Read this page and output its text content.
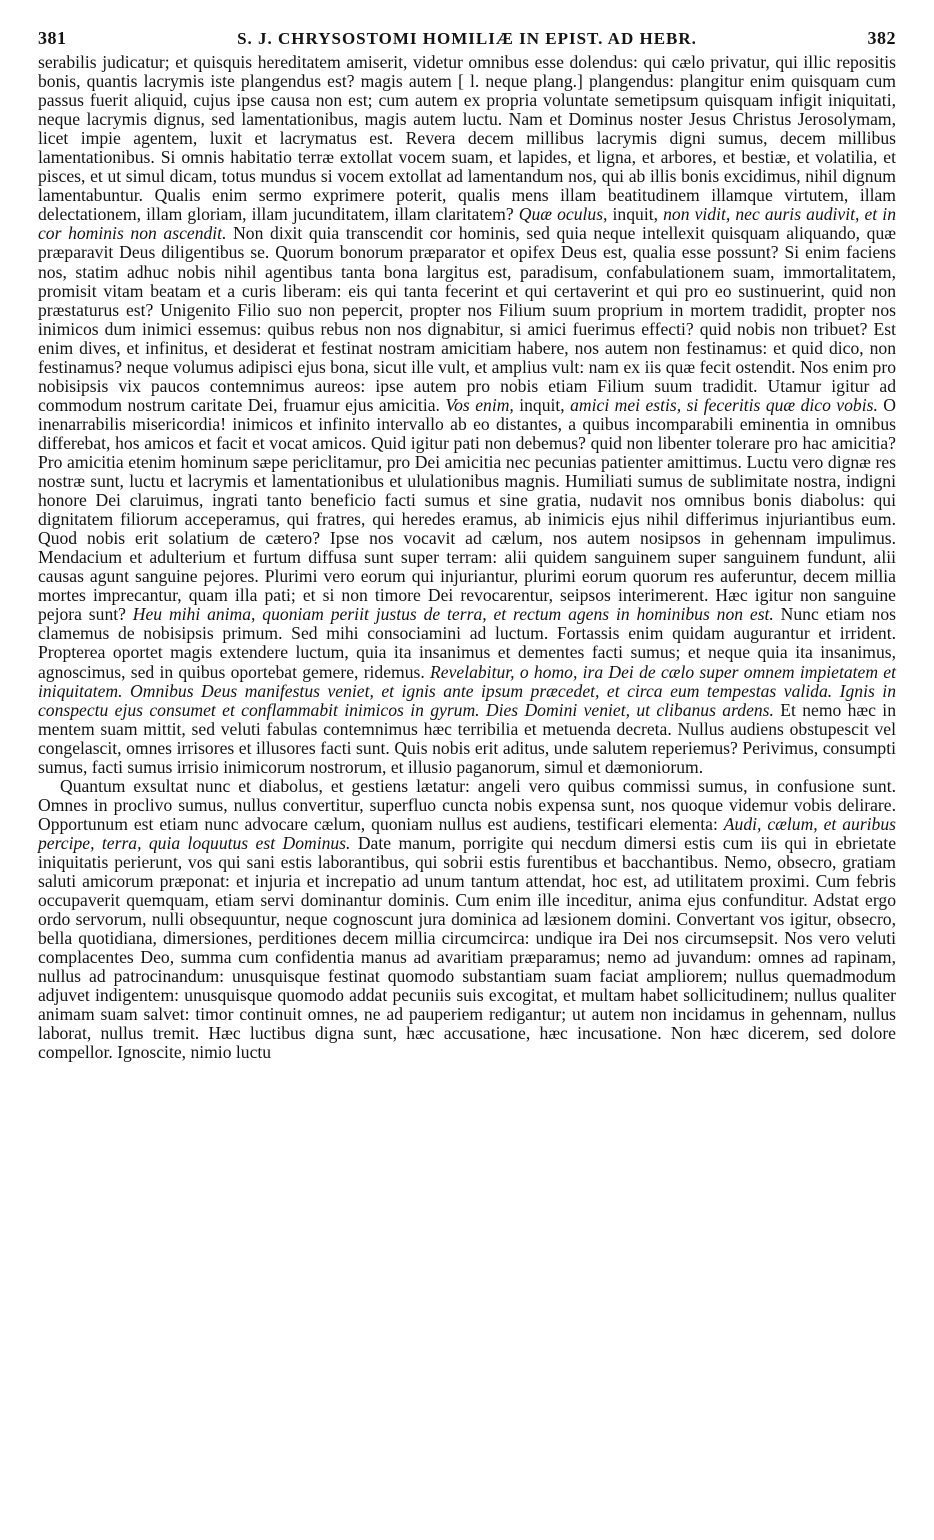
381	S. J. CHRYSOSTOMI HOMILIÆ IN EPIST. AD HEBR.	382

serabilis judicatur; et quisquis hereditatem amiserit, videtur omnibus esse dolendus: qui cælo privatur, qui illic repositis bonis, quantis lacrymis iste plangendus est? magis autem [ l. neque plang.] plangendus: plangitur enim quisquam cum passus fuerit aliquid, cujus ipse causa non est; cum autem ex propria voluntate semetipsum quisquam infigit iniquitati, neque lacrymis dignus, sed lamentationibus, magis autem luctu. Nam et Dominus noster Jesus Christus Jerosolymam, licet impie agentem, luxit et lacrymatus est. Revera decem millibus lacrymis digni sumus, decem millibus lamentationibus. Si omnis habitatio terræ extollat vocem suam, et lapides, et ligna, et arbores, et bestiæ, et volatilia, et pisces, et ut simul dicam, totus mundus si vocem extollat ad lamentandum nos, qui ab illis bonis excidimus, nihil dignum lamentabuntur. Qualis enim sermo exprimere poterit, qualis mens illam beatitudinem illamque virtutem, illam delectationem, illam gloriam, illam jucunditatem, illam claritatem? Quæ oculus, inquit, non vidit, nec auris audivit, et in cor hominis non ascendit. Non dixit quia transcendit cor hominis, sed quia neque intellexit quisquam aliquando, quæ præparavit Deus diligentibus se. Quorum bonorum præparator et opifex Deus est, qualia esse possunt? Si enim faciens nos, statim adhuc nobis nihil agentibus tanta bona largitus est, paradisum, confabulationem suam, immortalitatem, promisit vitam beatam et a curis liberam: eis qui tanta fecerint et qui certaverint et qui pro eo sustinuerint, quid non præstaturus est? Unigenito Filio suo non pepercit, propter nos Filium suum proprium in mortem tradidit, propter nos inimicos dum inimici essemus: quibus rebus non nos dignabitur, si amici fuerimus effecti? quid nobis non tribuet? Est enim dives, et infinitus, et desiderat et festinat nostram amicitiam habere, nos autem non festinamus: et quid dico, non festinamus? neque volumus adipisci ejus bona, sicut ille vult, et amplius vult: nam ex iis quæ fecit ostendit. Nos enim pro nobisipsis vix paucos contemnimus aureos: ipse autem pro nobis etiam Filium suum tradidit. Utamur igitur ad commodum nostrum caritate Dei, fruamur ejus amicitia. Vos enim, inquit, amici mei estis, si feceritis quæ dico vobis. O inenarrabilis misericordia! inimicos et infinito intervallo ab eo distantes, a quibus incomparabili eminentia in omnibus differebat, hos amicos et facit et vocat amicos. Quid igitur pati non debemus? quid non libenter tolerare pro hac amicitia? Pro amicitia etenim hominum sæpe periclitamur, pro Dei amicitia nec pecunias patienter amittimus. Luctu vero dignæ res nostræ sunt, luctu et lacrymis et lamentationibus et ululationibus magnis. Humiliati sumus de sublimitate nostra, indigni honore Dei claruimus, ingrati tanto beneficio facti sumus et sine gratia, nudavit nos omnibus bonis diabolus: qui dignitatem filiorum acceperamus, qui fratres, qui heredes eramus, ab inimicis ejus nihil differimus injuriantibus eum. Quod nobis erit solatium de cætero? Ipse nos vocavit ad cælum, nos autem nosipsos in gehennam impulimus. Mendacium et adulterium et furtum diffusa sunt super terram: alii quidem sanguinem super sanguinem fundunt, alii causas agunt sanguine pejores. Plurimi vero eorum qui injuriantur, plurimi eorum quorum res auferuntur, decem millia mortes imprecantur, quam illa pati; et si non timore Dei revocarentur, seipsos interimerent. Hæc igitur non sanguine pejora sunt? Heu mihi anima, quoniam periit justus de terra, et rectum agens in hominibus non est. Nunc etiam nos clamemus de nobisipsis primum. Sed mihi consociamini ad luctum. Fortassis enim quidam augurantur et irrident. Propterea oportet magis extendere luctum, quia ita insanimus et dementes facti sumus; et neque quia ita insanimus, agnoscimus, sed in quibus oportebat gemere, ridemus. Revelabitur, o homo, ira Dei de cælo super omnem impietatem et iniquitatem. Omnibus Deus manifestus veniet, et ignis ante ipsum præcedet, et circa eum tempestas valida. Ignis in conspectu ejus consumet et conflammabit inimicos in gyrum. Dies Domini veniet, ut clibanus ardens. Et nemo hæc in mentem suam mittit, sed veluti fabulas contemnimus hæc terribilia et metuenda decreta. Nullus audiens obstupescit vel congelascit, omnes irrisores et illusores facti sunt. Quis nobis erit aditus, unde salutem reperiemus? Perivimus, consumpti sumus, facti sumus irrisio inimicorum nostrorum, et illusio paganorum, simul et dæmoniorum.

Quantum exsultat nunc et diabolus, et gestiens lætatur: angeli vero quibus commissi sumus, in confusione sunt. Omnes in proclivo sumus, nullus convertitur, superfluo cuncta nobis expensa sunt, nos quoque videmur vobis delirare. Opportunum est etiam nunc advocare cælum, quoniam nullus est audiens, testificari elementa: Audi, cælum, et auribus percipe, terra, quia loquutus est Dominus. Date manum, porrigite qui necdum dimersi estis cum iis qui in ebrietate iniquitatis perierunt, vos qui sani estis laborantibus, qui sobrii estis furentibus et bacchantibus. Nemo, obsecro, gratiam saluti amicorum præponat: et injuria et increpatio ad unum tantum attendat, hoc est, ad utilitatem proximi. Cum febris occupaverit quemquam, etiam servi dominantur dominis. Cum enim ille inceditur, anima ejus confunditur. Adstat ergo ordo servorum, nulli obsequuntur, neque cognoscunt jura dominica ad læsionem domini. Convertant vos igitur, obsecro, bella quotidiana, dimersiones, perditiones decem millia circumcirca: undique ira Dei nos circumsepsit. Nos vero veluti complacentes Deo, summa cum confidentia manus ad avaritiam præparamus; nemo ad juvandum: omnes ad rapinam, nullus ad patrocinandum: unusquisque festinat quomodo substantiam suam faciat ampliorem; nullus quemadmodum adjuvet indigentem: unusquisque quomodo addat pecuniis suis excogitat, et multam habet sollicitudinem; nullus qualiter animam suam salvet: timor continuit omnes, ne ad pauperiem redigantur; ut autem non incidamus in gehennam, nullus laborat, nullus tremit. Hæc luctibus digna sunt, hæc accusatione, hæc incusatione. Non hæc dicerem, sed dolore compellor. Ignoscite, nimio luctu
